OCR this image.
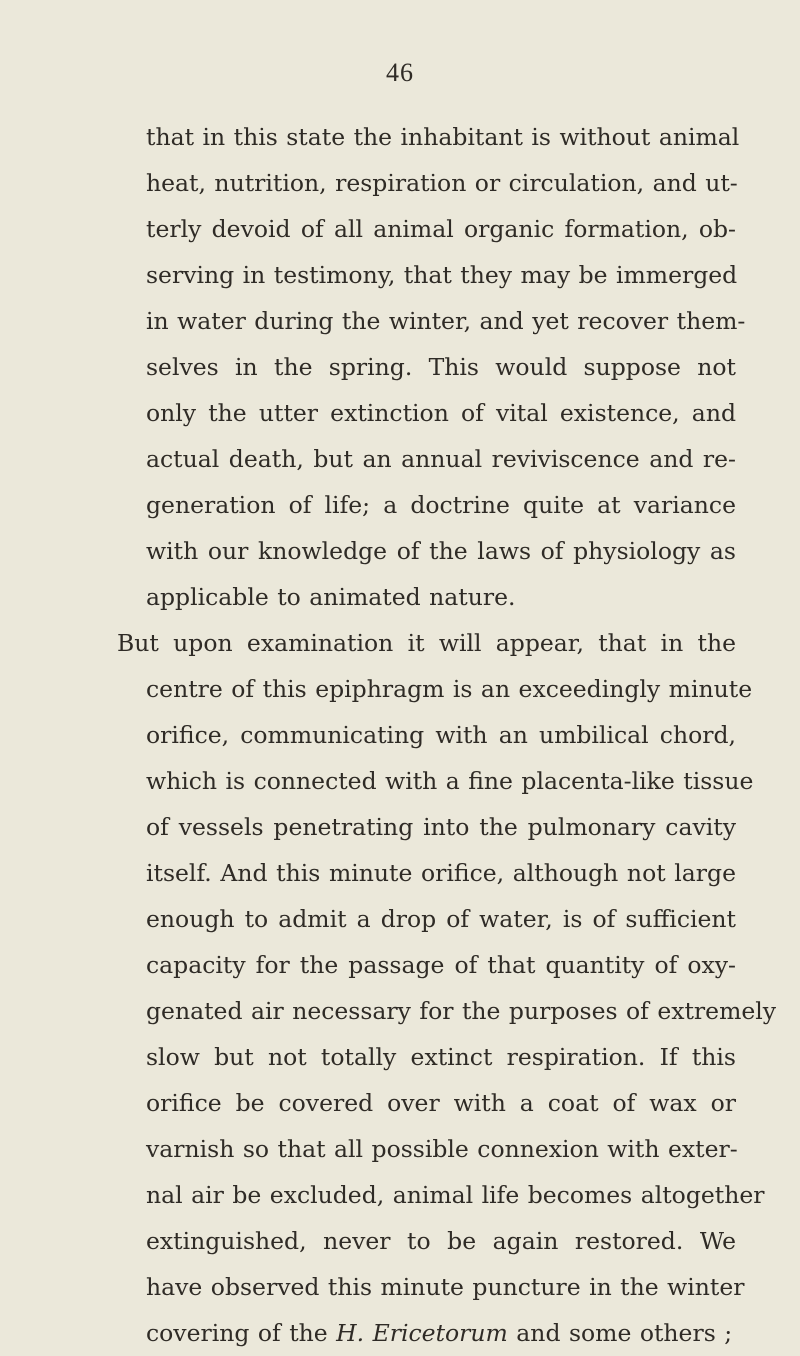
46
that in this state the inhabitant is without animal
heat, nutrition, respiration or circulation, and ut-
terly devoid of all animal organic formation, ob-
serving in testimony, that they may be immerged
in water during the winter, and yet recover them-
selves in the spring. This would suppose not
only the utter extinction of vital existence, and
actual death, but an annual reviviscence and re-
generation of life; a doctrine quite at variance
with our knowledge of the laws of physiology as
applicable to animated nature.
But upon examination it will appear, that in the
centre of this epiphragm is an exceedingly minute
orifice, communicating with an umbilical chord,
which is connected with a fine placenta-like tissue
of vessels penetrating into the pulmonary cavity
itself. And this minute orifice, although not large
enough to admit a drop of water, is of sufficient
capacity for the passage of that quantity of oxy-
genated air necessary for the purposes of extremely
slow but not totally extinct respiration. If this
orifice be covered over with a coat of wax or
varnish so that all possible connexion with exter-
nal air be excluded, animal life becomes altogether
extinguished, never to be again restored. We
have observed this minute puncture in the winter
covering of the H. Ericetorum and some others ;
